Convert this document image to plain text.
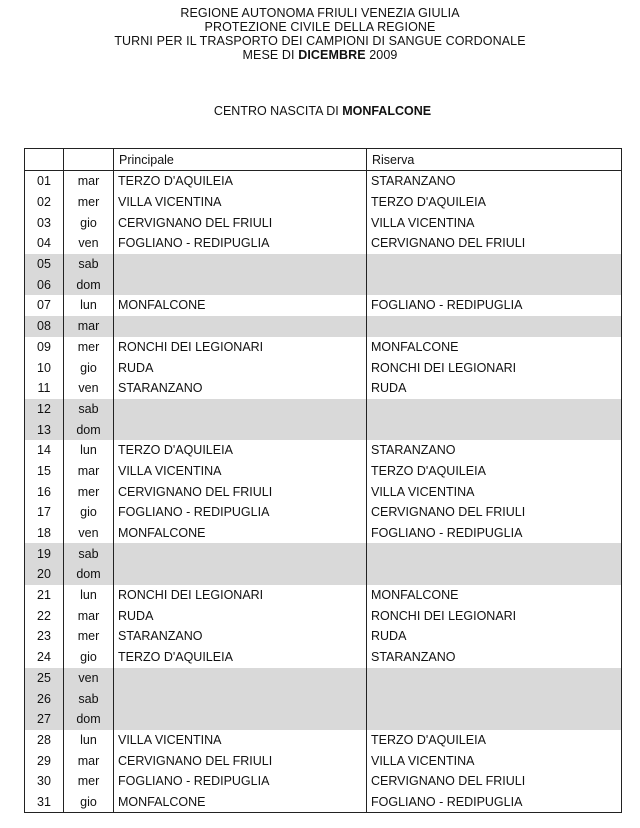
REGIONE AUTONOMA FRIULI VENEZIA GIULIA
PROTEZIONE CIVILE DELLA REGIONE
TURNI PER IL TRASPORTO DEI CAMPIONI DI SANGUE CORDONALE
MESE DI DICEMBRE 2009
CENTRO NASCITA DI MONFALCONE
		Principale	Riserva
01	mar	TERZO D'AQUILEIA	STARANZANO
02	mer	VILLA VICENTINA	TERZO D'AQUILEIA
03	gio	CERVIGNANO DEL FRIULI	VILLA VICENTINA
04	ven	FOGLIANO - REDIPUGLIA	CERVIGNANO DEL FRIULI
05	sab		
06	dom		
07	lun	MONFALCONE	FOGLIANO - REDIPUGLIA
08	mar		
09	mer	RONCHI DEI LEGIONARI	MONFALCONE
10	gio	RUDA	RONCHI DEI LEGIONARI
11	ven	STARANZANO	RUDA
12	sab		
13	dom		
14	lun	TERZO D'AQUILEIA	STARANZANO
15	mar	VILLA VICENTINA	TERZO D'AQUILEIA
16	mer	CERVIGNANO DEL FRIULI	VILLA VICENTINA
17	gio	FOGLIANO - REDIPUGLIA	CERVIGNANO DEL FRIULI
18	ven	MONFALCONE	FOGLIANO - REDIPUGLIA
19	sab		
20	dom		
21	lun	RONCHI DEI LEGIONARI	MONFALCONE
22	mar	RUDA	RONCHI DEI LEGIONARI
23	mer	STARANZANO	RUDA
24	gio	TERZO D'AQUILEIA	STARANZANO
25	ven		
26	sab		
27	dom		
28	lun	VILLA VICENTINA	TERZO D'AQUILEIA
29	mar	CERVIGNANO DEL FRIULI	VILLA VICENTINA
30	mer	FOGLIANO - REDIPUGLIA	CERVIGNANO DEL FRIULI
31	gio	MONFALCONE	FOGLIANO - REDIPUGLIA
